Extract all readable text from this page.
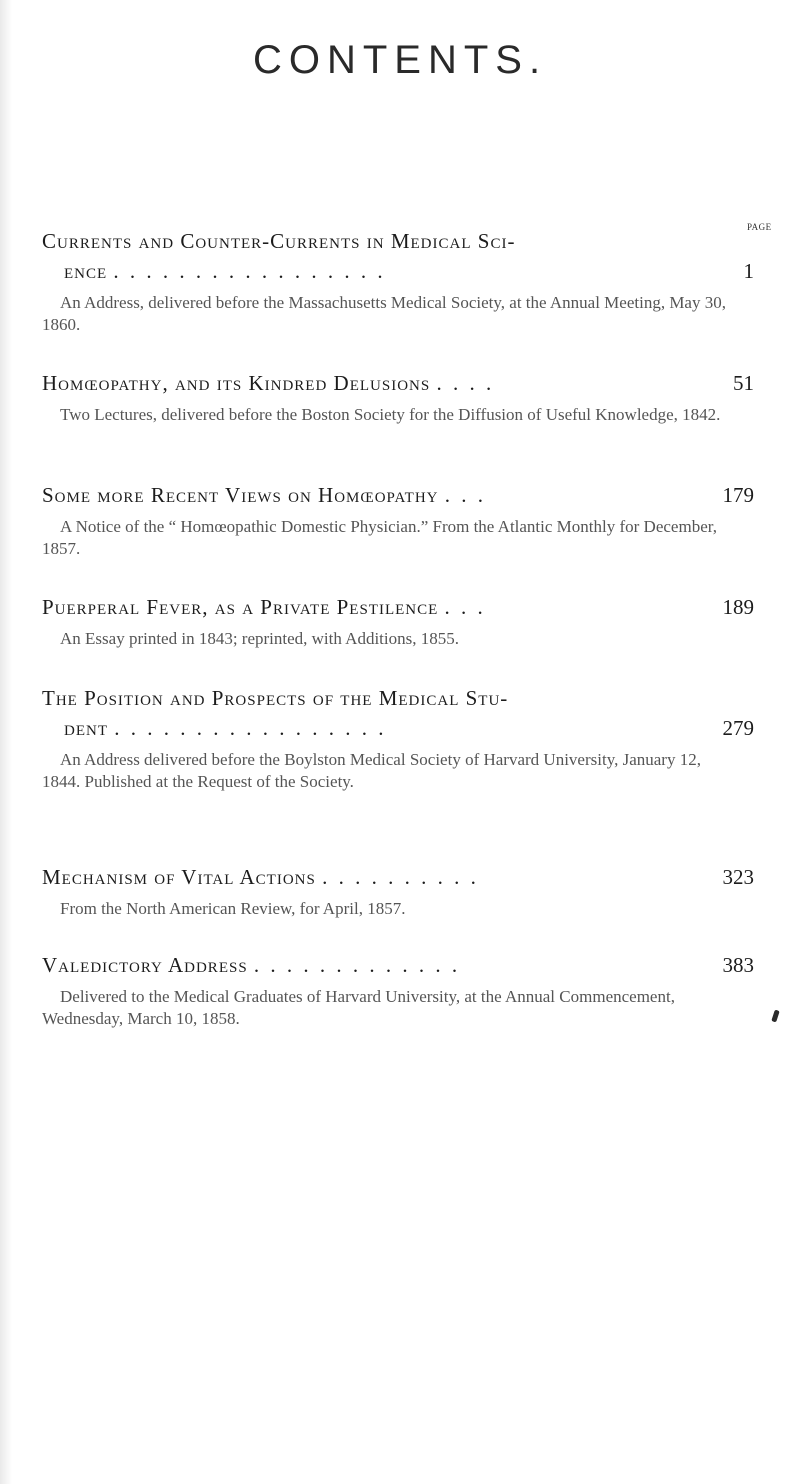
CONTENTS.
PAGE
Currents and Counter-Currents in Medical Sci-
ence . . . . . . . . . . . . . . . . .	1
An Address, delivered before the Massachusetts Medical Society, at the Annual Meeting, May 30, 1860.
Homœopathy, and its Kindred Delusions . . . .	51
Two Lectures, delivered before the Boston Society for the Diffusion of Useful Knowledge, 1842.
Some more Recent Views on Homœopathy . . .	179
A Notice of the “ Homœopathic Domestic Physician.” From the Atlantic Monthly for December, 1857.
Puerperal Fever, as a Private Pestilence . . .	189
An Essay printed in 1843; reprinted, with Additions, 1855.
The Position and Prospects of the Medical Stu-
dent . . . . . . . . . . . . . . . . .	279
An Address delivered before the Boylston Medical Society of Harvard University, January 12, 1844. Published at the Request of the Society.
Mechanism of Vital Actions . . . . . . . . . .	323
From the North American Review, for April, 1857.
Valedictory Address . . . . . . . . . . . . .	383
Delivered to the Medical Graduates of Harvard University, at the Annual Commencement, Wednesday, March 10, 1858.
